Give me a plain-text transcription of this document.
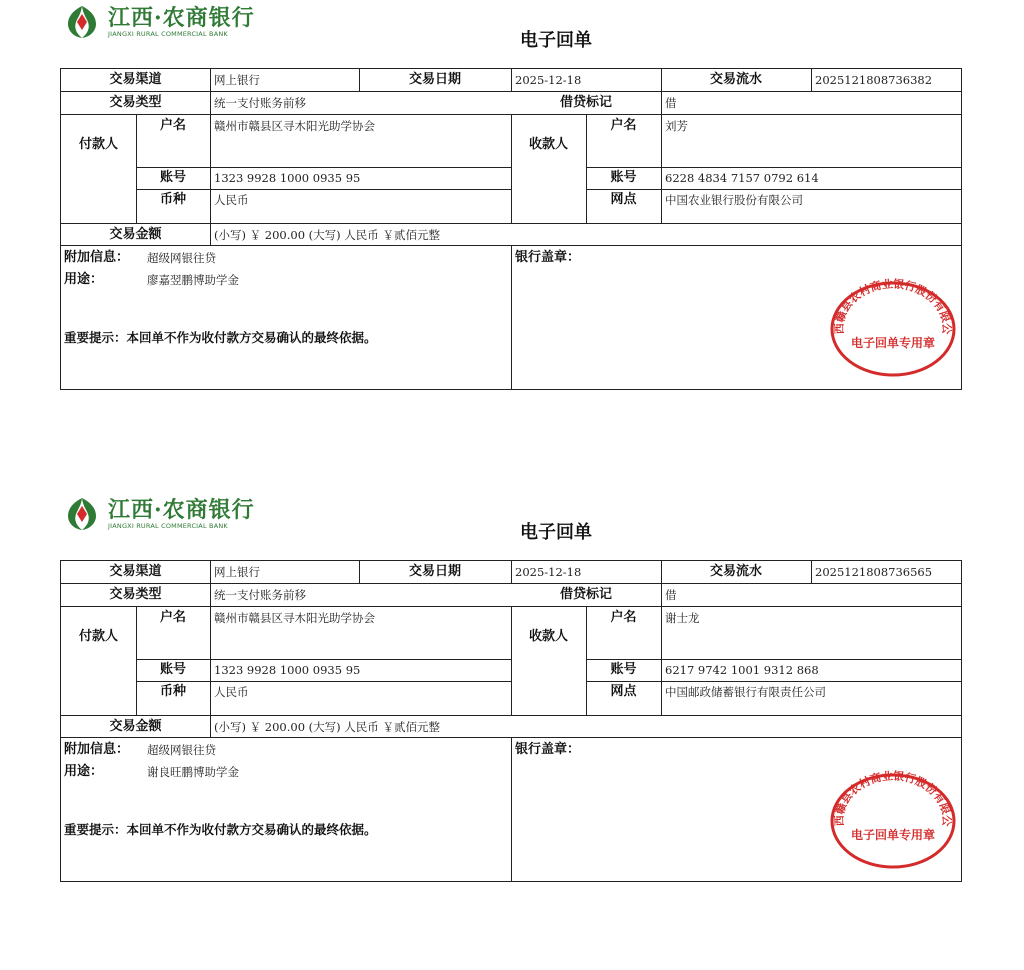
江西·农商银行
JIANGXI RURAL COMMERCIAL BANK	电子回单
交易渠道	网上银行	交易日期	2025-12-18	交易流水	2025121808736382
交易类型	统一支付账务前移	借贷标记	借
付款人
户名	赣州市赣县区寻木阳光助学协会
账号	1323 9928 1000 0935 95
币种	人民币
收款人
户名	刘芳
账号	6228 4834 7157 0792 614
网点	中国农业银行股份有限公司
交易金额	(小写) ￥ 200.00 (大写) 人民币 ￥贰佰元整
附加信息： 超级网银往贷
用途：	廖嘉翌鹏博助学金
银行盖章：
西赣县农村商业银行股份有限公
电子回单专用章
重要提示：本回单不作为收付款方交易确认的最终依据。
江西·农商银行
JIANGXI RURAL COMMERCIAL BANK	电子回单
交易渠道	网上银行	交易日期	2025-12-18	交易流水	2025121808736565
交易类型	统一支付账务前移	借贷标记	借
付款人
户名	赣州市赣县区寻木阳光助学协会
账号	1323 9928 1000 0935 95
币种	人民币
收款人
户名	谢士龙
账号	6217 9742 1001 9312 868
网点	中国邮政储蓄银行有限责任公司
交易金额	(小写) ￥ 200.00 (大写) 人民币 ￥贰佰元整
附加信息： 超级网银往贷
用途：	谢良旺鹏博助学金
银行盖章：
西赣县农村商业银行股份有限公
电子回单专用章
重要提示：本回单不作为收付款方交易确认的最终依据。
